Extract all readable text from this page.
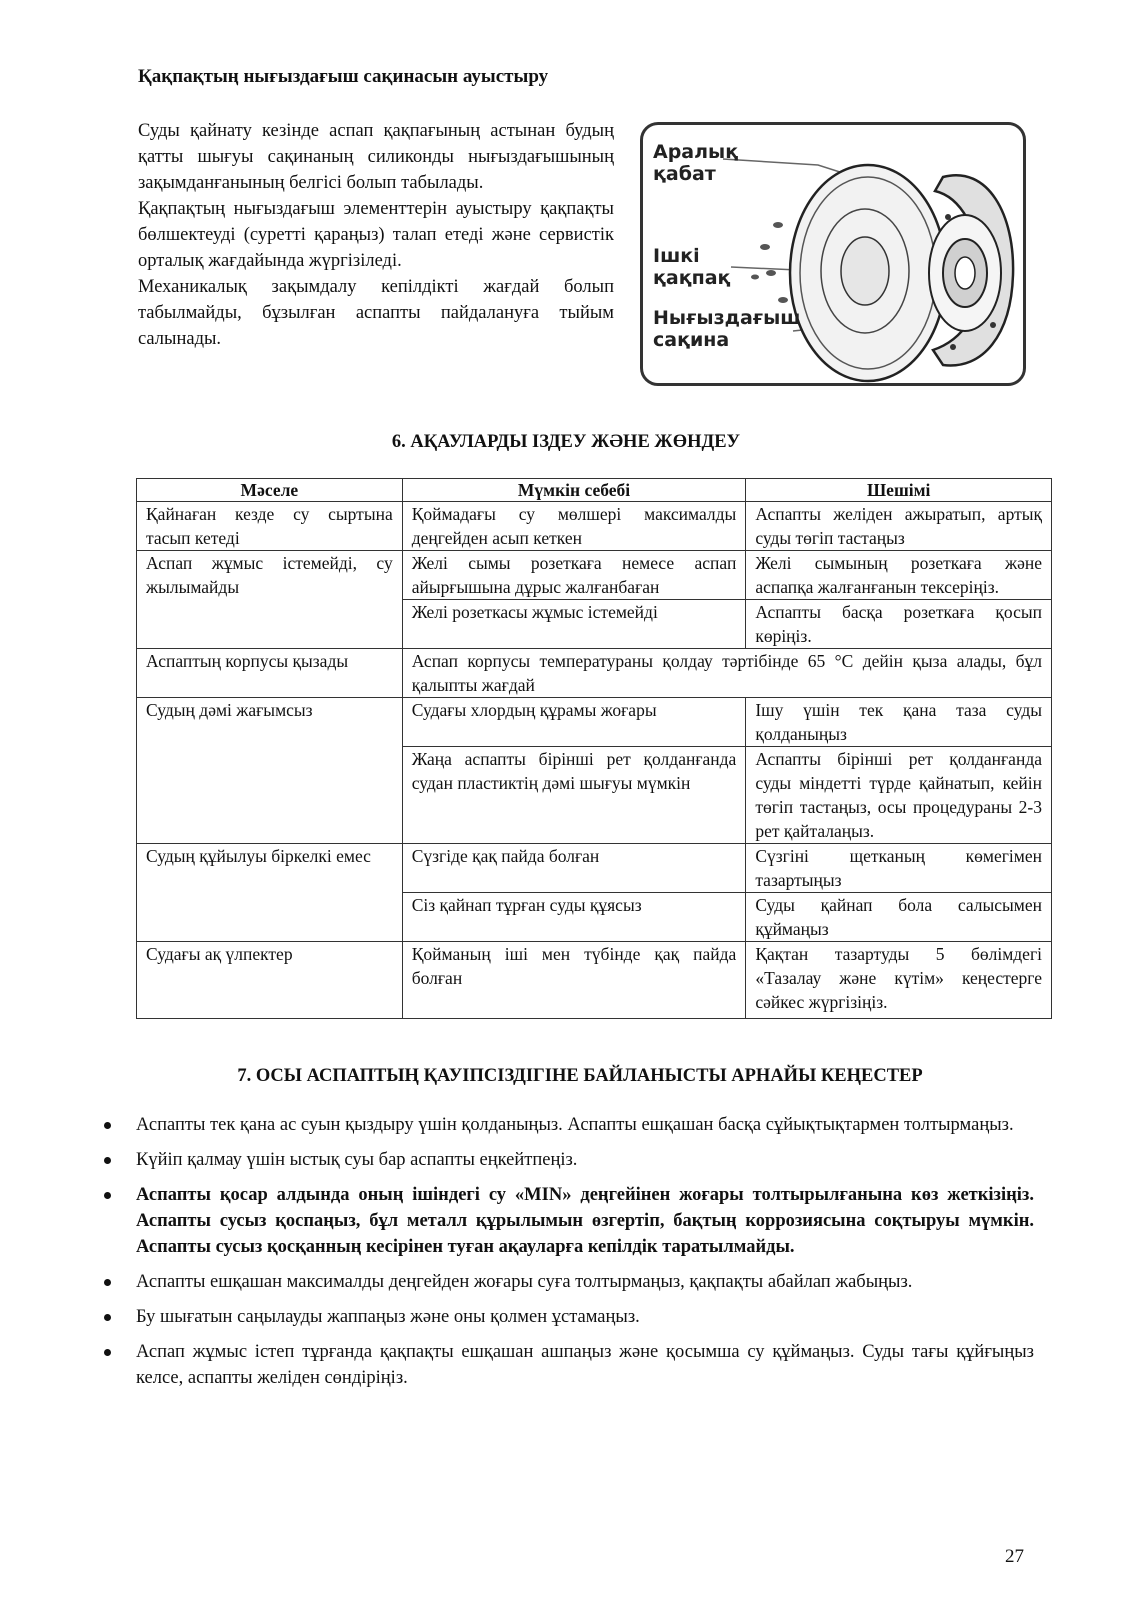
Қақпақтың нығыздағыш сақинасын ауыстыру

Суды қайнату кезінде аспап қақпағының астынан будың қатты шығуы сақинаның силиконды нығыздағышының зақымданғанының белгісі болып табылады.

Қақпақтың нығыздағыш элементтерін ауыстыру қақпақты бөлшектеуді (суретті қараңыз) талап етеді және сервистік орталық жағдайында жүргізіледі.

Механикалық зақымдалу кепілдікті жағдай болып табылмайды, бұзылған аспапты пайдалануға тыйым салынады.

Аралық қабат
Ішкі қақпақ
Нығыздағыш сақина
6. АҚАУЛАРДЫ ІЗДЕУ ЖӘНЕ ЖӨНДЕУ
Мәселе	Мүмкін себебі	Шешімі
Қайнаған кезде су сыртына тасып кетеді	Қоймадағы су мөлшері максималды деңгейден асып кеткен	Аспапты желіден ажыратып, артық суды төгіп тастаңыз
Аспап жұмыс істемейді, су жылымайды	Желі сымы розеткаға немесе аспап айырғышына дұрыс жалғанбаған	Желі сымының розеткаға және аспапқа жалғанғанын тексеріңіз.
	Желі розеткасы жұмыс істемейді	Аспапты басқа розеткаға қосып көріңіз.
Аспаптың корпусы қызады	Аспап корпусы температураны қолдау тәртібінде 65 °С дейін қыза алады, бұл қалыпты жағдай	
Судың дәмі жағымсыз	Судағы хлордың құрамы жоғары	Ішу үшін тек қана таза суды қолданыңыз
	Жаңа аспапты бірінші рет қолданғанда судан пластиктің дәмі шығуы мүмкін	Аспапты бірінші рет қолданғанда суды міндетті түрде қайнатып, кейін төгіп тастаңыз, осы процедураны 2-3 рет қайталаңыз.
Судың құйылуы біркелкі емес	Сүзгіде қақ пайда болған	Сүзгіні щетканың көмегімен тазартыңыз
	Сіз қайнап тұрған суды құясыз	Суды қайнап бола салысымен құймаңыз
Судағы ақ үлпектер	Қойманың іші мен түбінде қақ пайда болған	Қақтан тазартуды 5 бөлімдегі «Тазалау және күтім» кеңестерге сәйкес жүргізіңіз.
7. ОСЫ АСПАПТЫҢ ҚАУІПСІЗДІГІНЕ БАЙЛАНЫСТЫ АРНАЙЫ КЕҢЕСТЕР
Аспапты тек қана ас суын қыздыру үшін қолданыңыз. Аспапты ешқашан басқа сұйықтықтармен толтырмаңыз.
Күйіп қалмау үшін ыстық суы бар аспапты еңкейтпеңіз.
Аспапты қосар алдында оның ішіндегі су «MIN» деңгейінен жоғары толтырылғанына көз жеткізіңіз. Аспапты сусыз қоспаңыз, бұл металл құрылымын өзгертіп, бақтың коррозиясына соқтыруы мүмкін. Аспапты сусыз қосқанның кесірінен туған ақауларға кепілдік таратылмайды.
Аспапты ешқашан максималды деңгейден жоғары суға толтырмаңыз, қақпақты абайлап жабыңыз.
Бу шығатын саңылауды жаппаңыз және оны қолмен ұстамаңыз.
Аспап жұмыс істеп тұрғанда қақпақты ешқашан ашпаңыз және қосымша су құймаңыз. Суды тағы құйғыңыз келсе, аспапты желіден сөндіріңіз.
27
